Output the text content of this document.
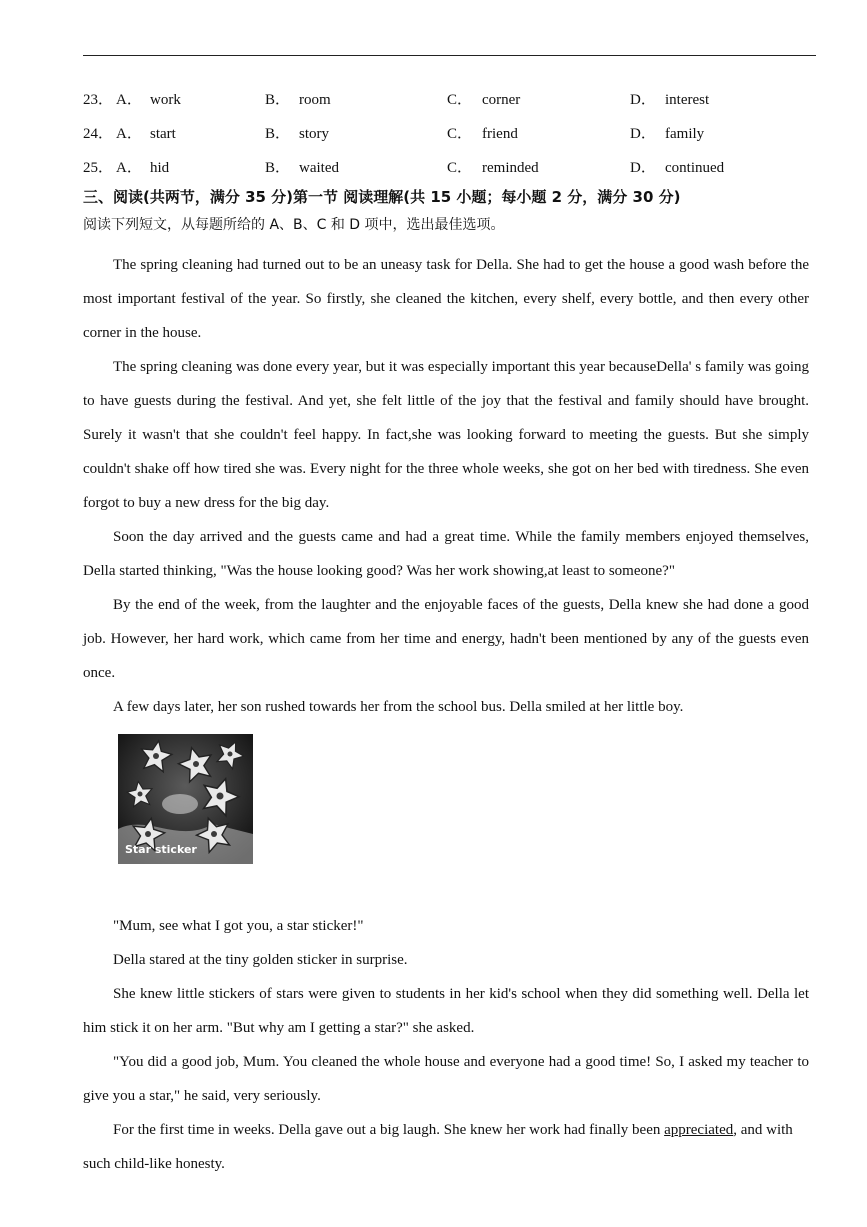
23． A． work	B． room	C． corner	D． interest
24． A． start	B． story	C． friend	D． family
25． A． hid	B． waited	C． reminded	D． continued
三、阅读(共两节，满分 35 分)第一节 阅读理解(共 15 小题；每小题 2 分，满分 30 分)
阅读下列短文，从每题所给的 A、B、C 和 D 项中，选出最佳选项。

The spring cleaning had turned out to be an uneasy task for Della. She had to get the house a good wash before the most important festival of the year. So firstly, she cleaned the kitchen, every shelf, every bottle, and then every other corner in the house.

The spring cleaning was done every year, but it was especially important this year becauseDella' s family was going to have guests during the festival. And yet, she felt little of the joy that the festival and family should have brought. Surely it wasn't that she couldn't feel happy. In fact,she was looking forward to meeting the guests. But she simply couldn't shake off how tired she was. Every night for the three whole weeks, she got on her bed with tiredness. She even forgot to buy a new dress for the big day.

Soon the day arrived and the guests came and had a great time. While the family members enjoyed themselves, Della started thinking, "Was the house looking good? Was her work showing,at least to someone?"

By the end of the week, from the laughter and the enjoyable faces of the guests, Della knew she had done a good job. However, her hard work, which came from her time and energy, hadn't been mentioned by any of the guests even once.

A few days later, her son rushed towards her from the school bus. Della smiled at her little boy.

Star sticker

"Mum, see what I got you, a star sticker!"

Della stared at the tiny golden sticker in surprise.

She knew little stickers of stars were given to students in her kid's school when they did something well. Della let him stick it on her arm. "But why am I getting a star?" she asked.

"You did a good job, Mum. You cleaned the whole house and everyone had a good time! So, I asked my teacher to give you a star," he said, very seriously.

For the first time in weeks. Della gave out a big laugh. She knew her work had finally been appreciated, and with such child-like honesty.
